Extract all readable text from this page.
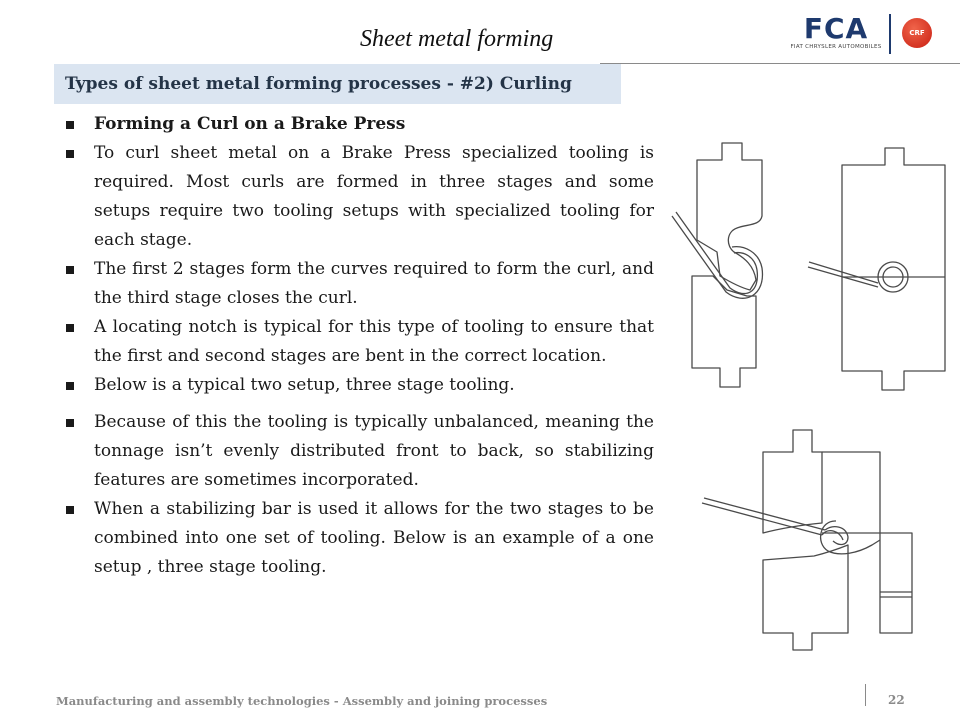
Sheet metal forming	FCA
FIAT CHRYSLER AUTOMOBILES
CRF
Types of sheet metal forming processes - #2) Curling

Forming a Curl on a Brake Press

To curl sheet metal on a Brake Press specialized tooling is required. Most curls are formed in three stages and some setups require two tooling setups with specialized tooling for each stage.

The first 2 stages form the curves required to form the curl, and the third stage closes the curl.

A locating notch is typical for this type of tooling to ensure that the first and second stages are bent in the correct location.

Below is a typical two setup, three stage tooling.

Because of this the tooling is typically unbalanced, meaning the tonnage isn’t evenly distributed front to back, so stabilizing features are sometimes incorporated.

When a stabilizing bar is used it allows for the two stages to be combined into one set of tooling. Below is an example of a one setup , three stage tooling.

Manufacturing and assembly technologies - Assembly and joining processes	22
